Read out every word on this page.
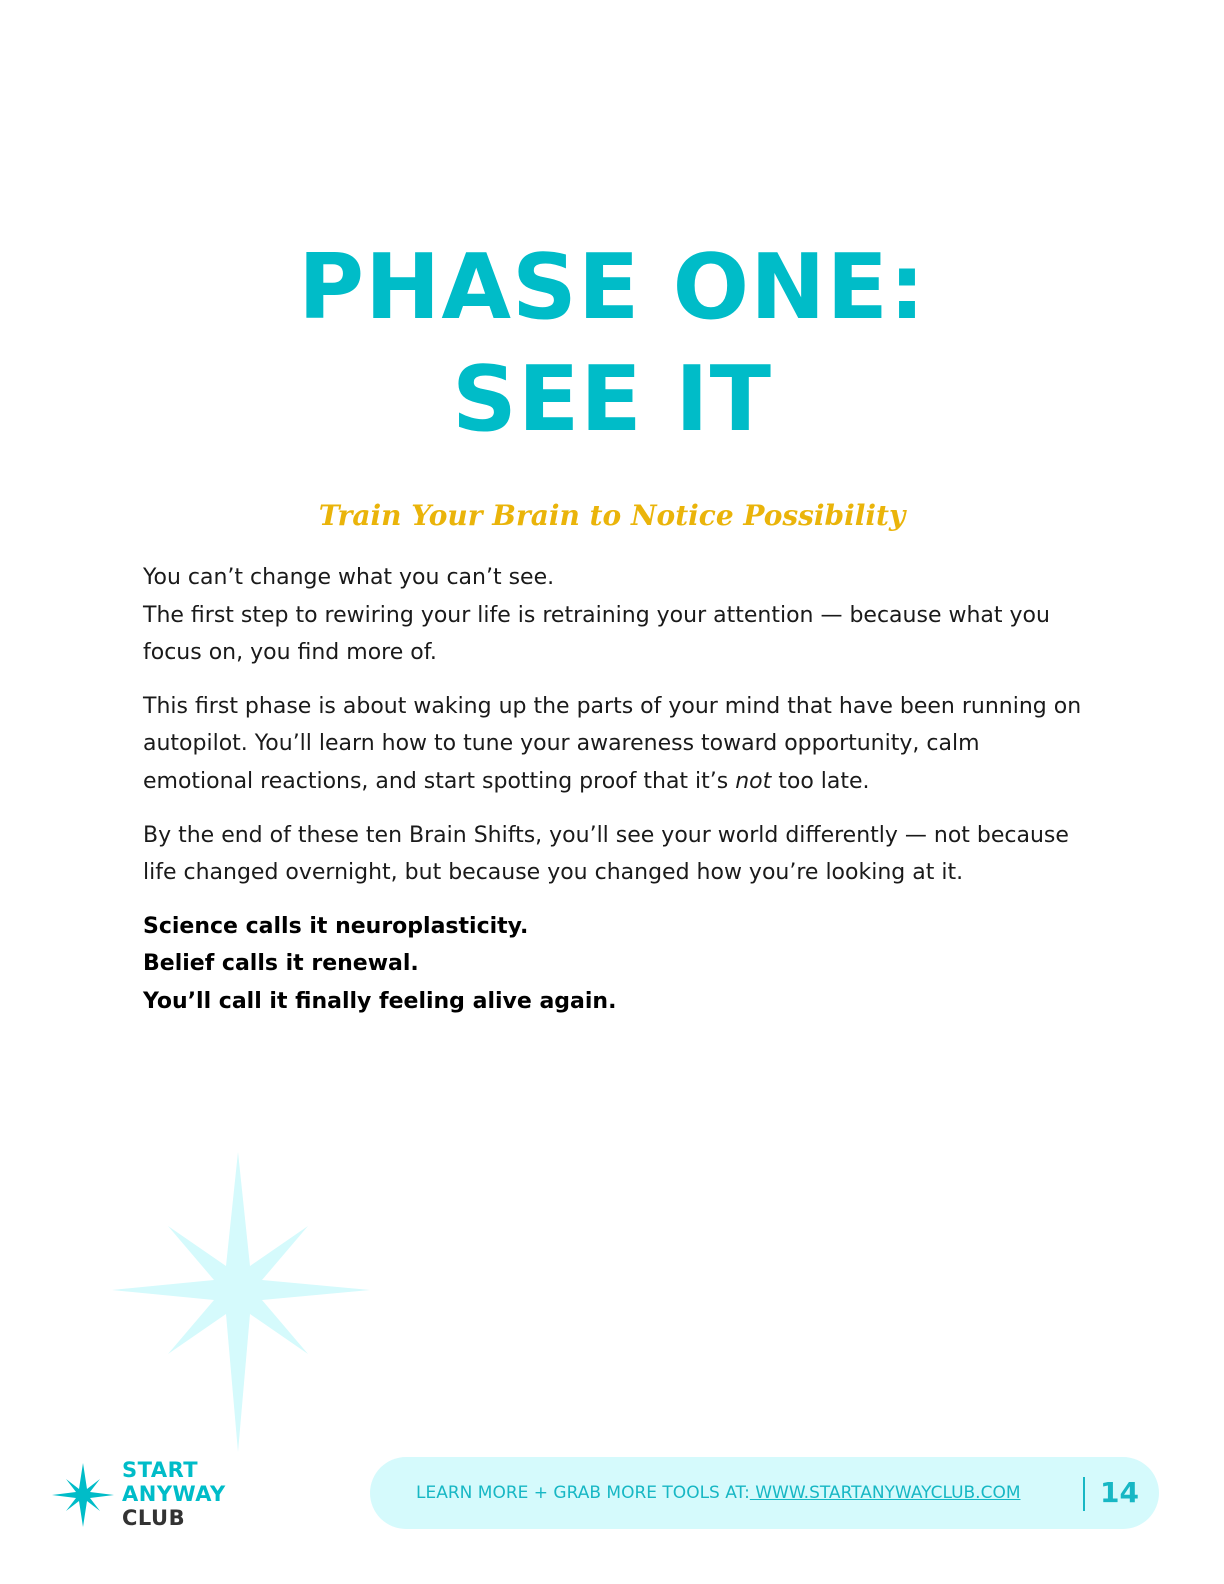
PHASE ONE:
SEE IT
Train Your Brain to Notice Possibility

You can’t change what you can’t see.
The first step to rewiring your life is retraining your attention — because what you focus on, you find more of.

This first phase is about waking up the parts of your mind that have been running on autopilot. You’ll learn how to tune your awareness toward opportunity, calm emotional reactions, and start spotting proof that it’s not too late.

By the end of these ten Brain Shifts, you’ll see your world differently — not because life changed overnight, but because you changed how you’re looking at it.

Science calls it neuroplasticity.
Belief calls it renewal.
You’ll call it finally feeling alive again.

START
ANYWAY
CLUB
LEARN MORE + GRAB MORE TOOLS AT: WWW.STARTANYWAYCLUB.COM	14
